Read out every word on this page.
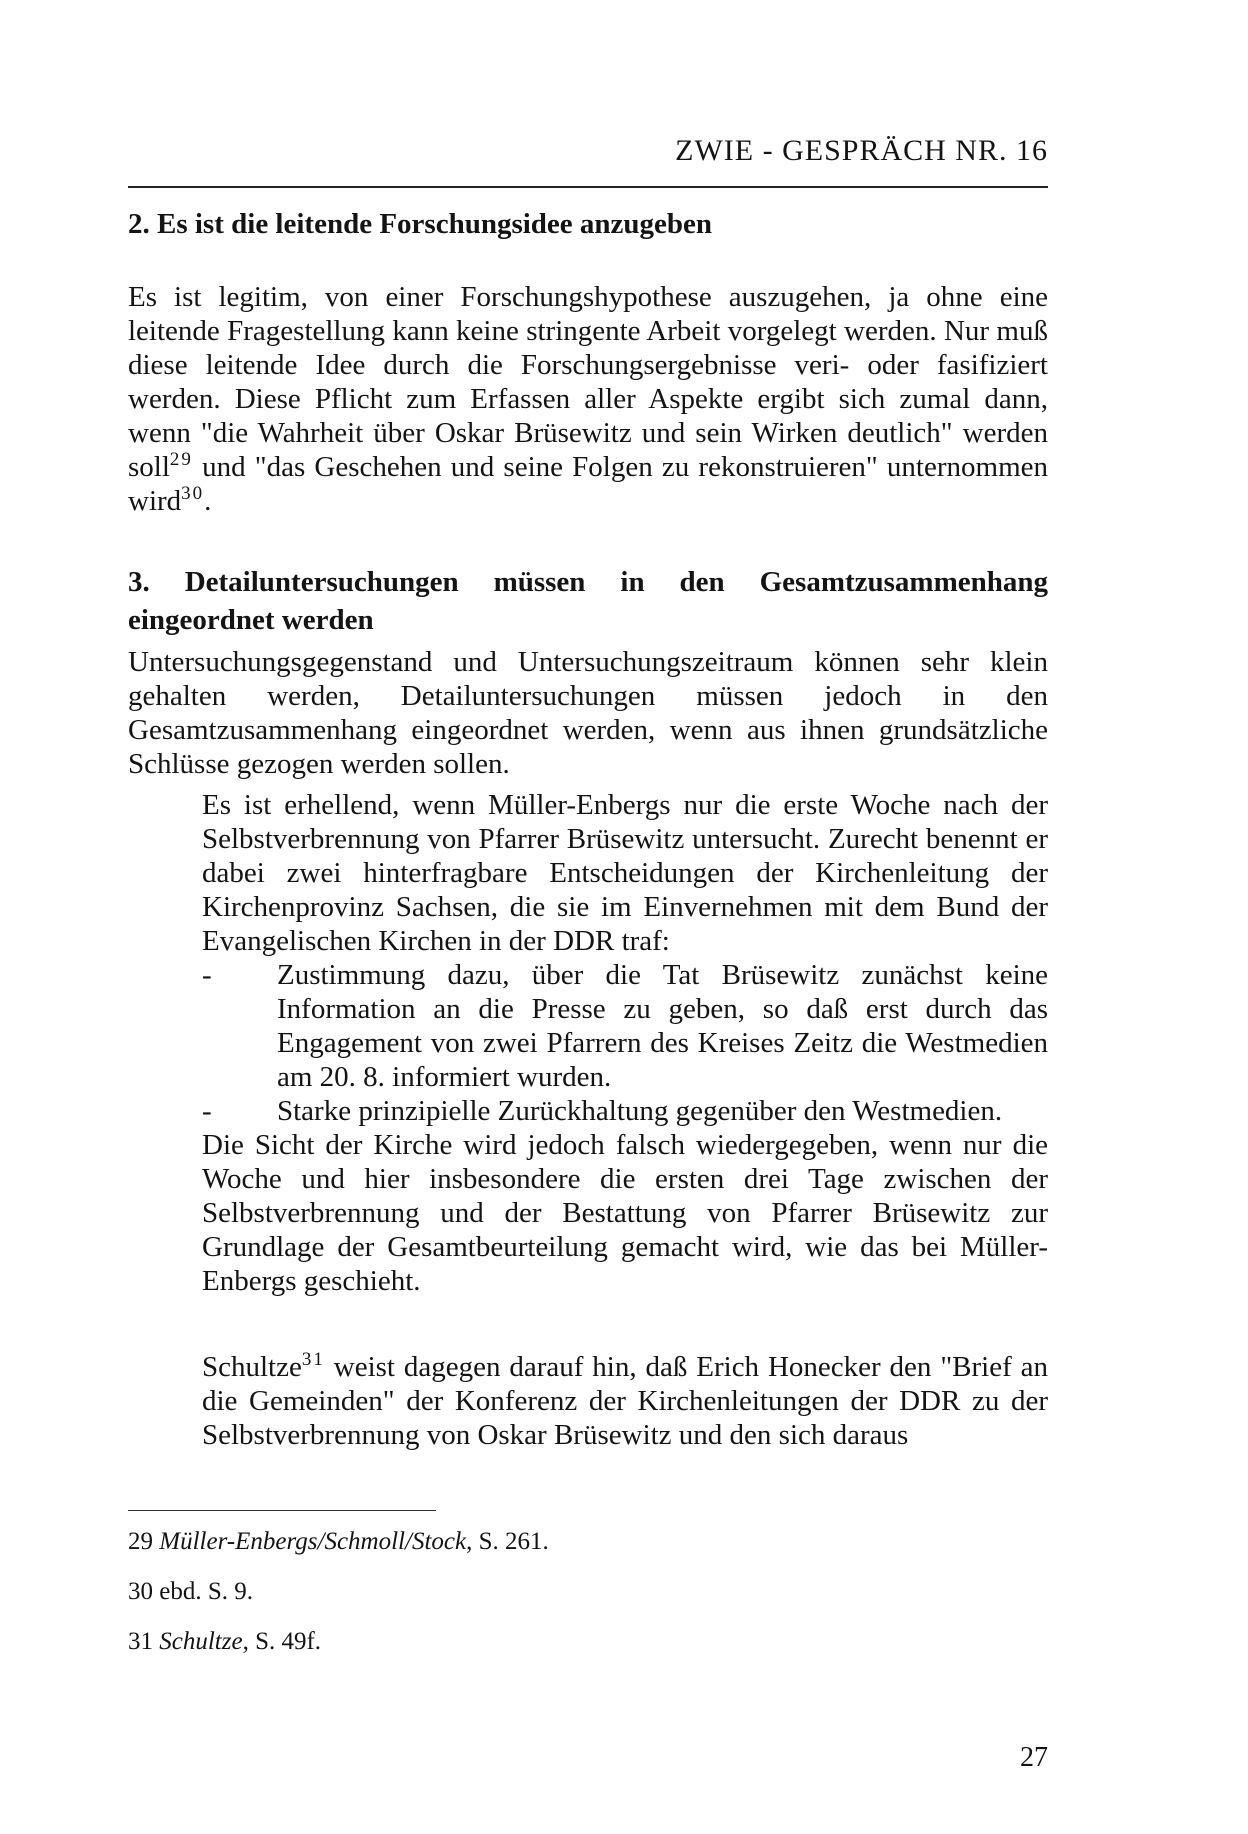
ZWIE - GESPRÄCH NR. 16
2. Es ist die leitende Forschungsidee anzugeben

Es ist legitim, von einer Forschungshypothese auszugehen, ja ohne eine leitende Fragestellung kann keine stringente Arbeit vorgelegt werden. Nur muß diese leitende Idee durch die Forschungsergebnisse veri- oder fasifiziert werden. Diese Pflicht zum Erfassen aller Aspekte ergibt sich zumal dann, wenn "die Wahrheit über Oskar Brüsewitz und sein Wirken deutlich" werden soll$^{29}$ und "das Geschehen und seine Folgen zu rekonstruieren" unternommen wird$^{30}$.

3. Detailuntersuchungen müssen in den Gesamtzusammenhang eingeordnet werden

Untersuchungsgegenstand und Untersuchungszeitraum können sehr klein gehalten werden, Detailuntersuchungen müssen jedoch in den Gesamtzusammenhang eingeordnet werden, wenn aus ihnen grundsätzliche Schlüsse gezogen werden sollen.

Es ist erhellend, wenn Müller-Enbergs nur die erste Woche nach der Selbstverbrennung von Pfarrer Brüsewitz untersucht. Zurecht benennt er dabei zwei hinterfragbare Entscheidungen der Kirchenleitung der Kirchenprovinz Sachsen, die sie im Einvernehmen mit dem Bund der Evangelischen Kirchen in der DDR traf:

-	Zustimmung dazu, über die Tat Brüsewitz zunächst keine Information an die Presse zu geben, so daß erst durch das Engagement von zwei Pfarrern des Kreises Zeitz die Westmedien am 20. 8. informiert wurden.
-	Starke prinzipielle Zurückhaltung gegenüber den Westmedien.

Die Sicht der Kirche wird jedoch falsch wiedergegeben, wenn nur die Woche und hier insbesondere die ersten drei Tage zwischen der Selbstverbrennung und der Bestattung von Pfarrer Brüsewitz zur Grundlage der Gesamtbeurteilung gemacht wird, wie das bei Müller-Enbergs geschieht.

Schultze$^{31}$ weist dagegen darauf hin, daß Erich Honecker den "Brief an die Gemeinden" der Konferenz der Kirchenleitungen der DDR zu der Selbstverbrennung von Oskar Brüsewitz und den sich daraus

29 Müller-Enbergs/Schmoll/Stock, S. 261.

30 ebd. S. 9.

31 Schultze, S. 49f.

27
